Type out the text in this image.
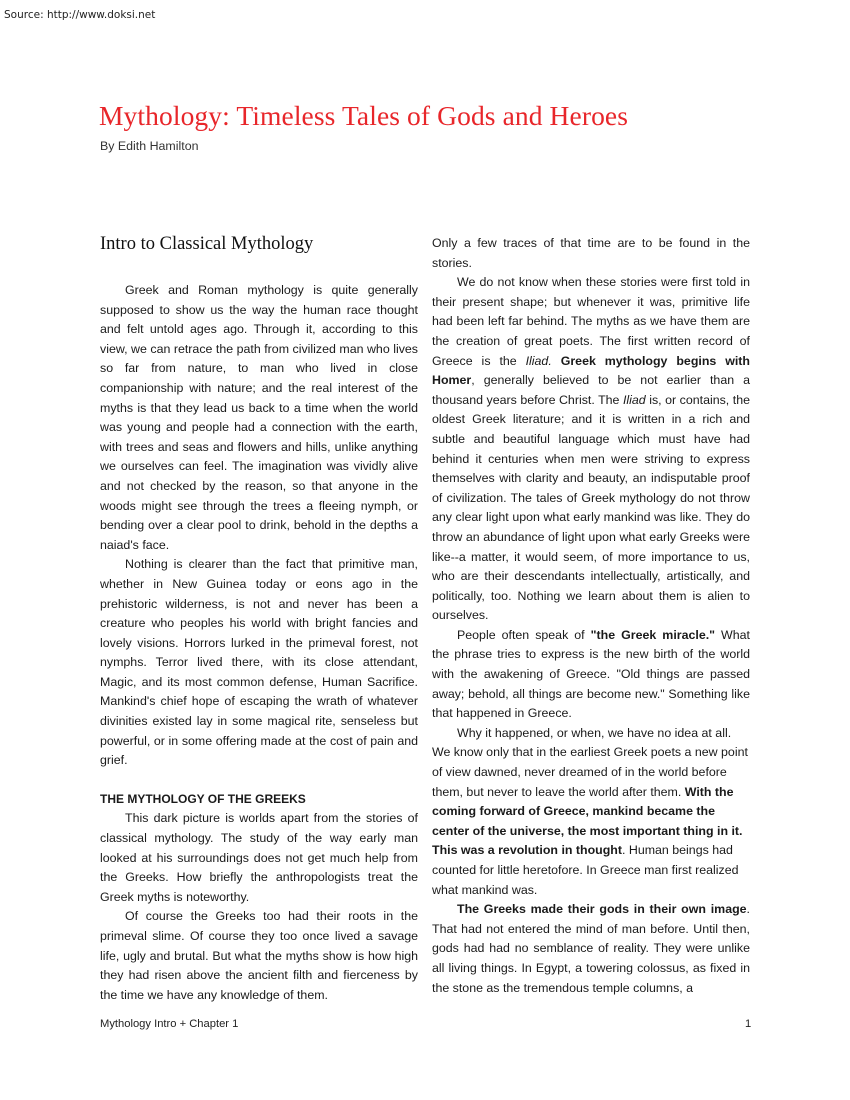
Source: http://www.doksi.net
Mythology: Timeless Tales of Gods and Heroes
By Edith Hamilton
Intro to Classical Mythology

Greek and Roman mythology is quite generally supposed to show us the way the human race thought and felt untold ages ago. Through it, according to this view, we can retrace the path from civilized man who lives so far from nature, to man who lived in close companionship with nature; and the real interest of the myths is that they lead us back to a time when the world was young and people had a connection with the earth, with trees and seas and flowers and hills, unlike anything we ourselves can feel. The imagination was vividly alive and not checked by the reason, so that anyone in the woods might see through the trees a fleeing nymph, or bending over a clear pool to drink, behold in the depths a naiad's face.

Nothing is clearer than the fact that primitive man, whether in New Guinea today or eons ago in the prehistoric wilderness, is not and never has been a creature who peoples his world with bright fancies and lovely visions. Horrors lurked in the primeval forest, not nymphs. Terror lived there, with its close attendant, Magic, and its most common defense, Human Sacrifice. Mankind's chief hope of escaping the wrath of whatever divinities existed lay in some magical rite, senseless but powerful, or in some offering made at the cost of pain and grief.

THE MYTHOLOGY OF THE GREEKS

This dark picture is worlds apart from the stories of classical mythology. The study of the way early man looked at his surroundings does not get much help from the Greeks. How briefly the anthropologists treat the Greek myths is noteworthy.

Of course the Greeks too had their roots in the primeval slime. Of course they too once lived a savage life, ugly and brutal. But what the myths show is how high they had risen above the ancient filth and fierceness by the time we have any knowledge of them.

Only a few traces of that time are to be found in the stories.

We do not know when these stories were first told in their present shape; but whenever it was, primitive life had been left far behind. The myths as we have them are the creation of great poets. The first written record of Greece is the Iliad. Greek mythology begins with Homer, generally believed to be not earlier than a thousand years before Christ. The Iliad is, or contains, the oldest Greek literature; and it is written in a rich and subtle and beautiful language which must have had behind it centuries when men were striving to express themselves with clarity and beauty, an indisputable proof of civilization. The tales of Greek mythology do not throw any clear light upon what early mankind was like. They do throw an abundance of light upon what early Greeks were like--a matter, it would seem, of more importance to us, who are their descendants intellectually, artistically, and politically, too. Nothing we learn about them is alien to ourselves.

People often speak of "the Greek miracle." What the phrase tries to express is the new birth of the world with the awakening of Greece. "Old things are passed away; behold, all things are become new." Something like that happened in Greece.

Why it happened, or when, we have no idea at all. We know only that in the earliest Greek poets a new point of view dawned, never dreamed of in the world before them, but never to leave the world after them. With the coming forward of Greece, mankind became the center of the universe, the most important thing in it. This was a revolution in thought. Human beings had counted for little heretofore. In Greece man first realized what mankind was.

The Greeks made their gods in their own image. That had not entered the mind of man before. Until then, gods had had no semblance of reality. They were unlike all living things. In Egypt, a towering colossus, as fixed in the stone as the tremendous temple columns, a

Mythology Intro + Chapter 1	1
